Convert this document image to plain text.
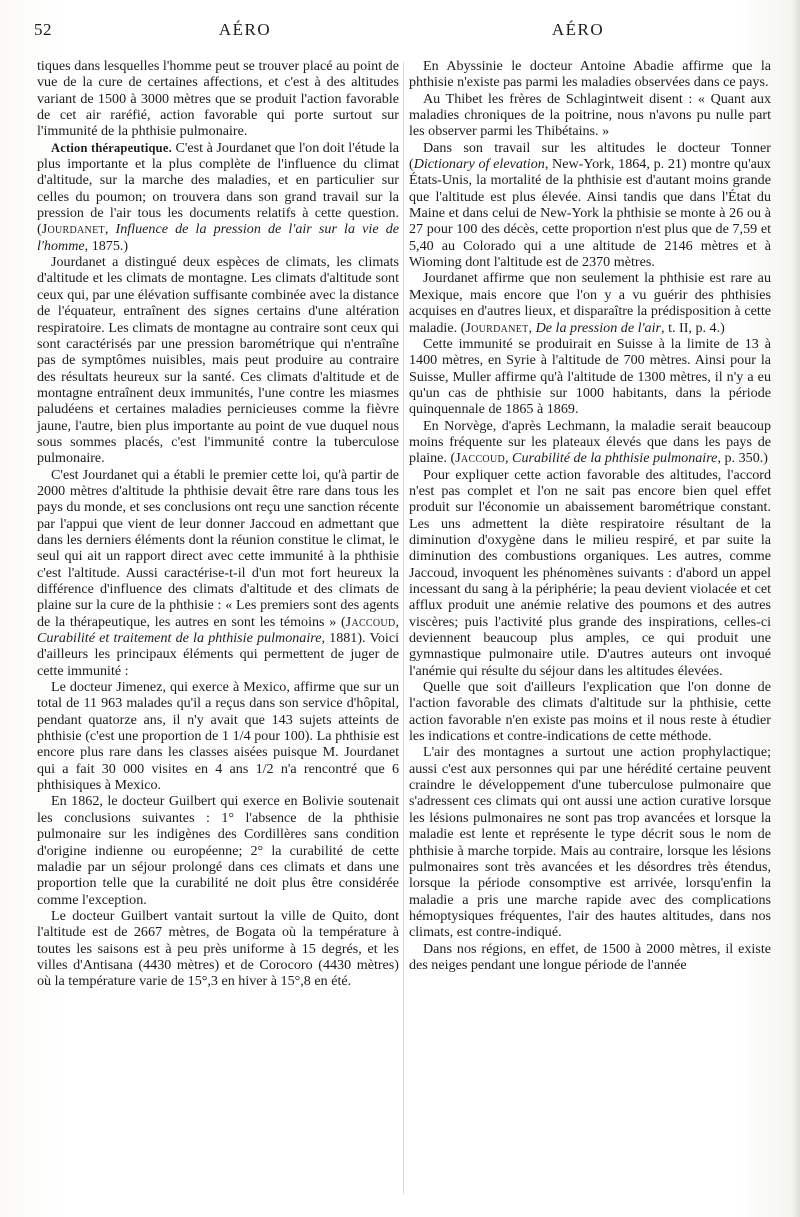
52	AÉRO	AÉRO

tiques dans lesquelles l'homme peut se trouver placé au point de vue de la cure de certaines affections, et c'est à des altitudes variant de 1500 à 3000 mètres que se produit l'action favorable de cet air raréfié, action favorable qui porte surtout sur l'immunité de la phthisie pulmonaire.

Action thérapeutique. C'est à Jourdanet que l'on doit l'étude la plus importante et la plus complète de l'influence du climat d'altitude, sur la marche des maladies, et en particulier sur celles du poumon; on trouvera dans son grand travail sur la pression de l'air tous les documents relatifs à cette question. (Jourdanet, Influence de la pression de l'air sur la vie de l'homme, 1875.)

Jourdanet a distingué deux espèces de climats, les climats d'altitude et les climats de montagne. Les climats d'altitude sont ceux qui, par une élévation suffisante combinée avec la distance de l'équateur, entraînent des signes certains d'une altération respiratoire. Les climats de montagne au contraire sont ceux qui sont caractérisés par une pression barométrique qui n'entraîne pas de symptômes nuisibles, mais peut produire au contraire des résultats heureux sur la santé. Ces climats d'altitude et de montagne entraînent deux immunités, l'une contre les miasmes paludéens et certaines maladies pernicieuses comme la fièvre jaune, l'autre, bien plus importante au point de vue duquel nous sous sommes placés, c'est l'immunité contre la tuberculose pulmonaire.

C'est Jourdanet qui a établi le premier cette loi, qu'à partir de 2000 mètres d'altitude la phthisie devait être rare dans tous les pays du monde, et ses conclusions ont reçu une sanction récente par l'appui que vient de leur donner Jaccoud en admettant que dans les derniers éléments dont la réunion constitue le climat, le seul qui ait un rapport direct avec cette immunité à la phthisie c'est l'altitude. Aussi caractérise-t-il d'un mot fort heureux la différence d'influence des climats d'altitude et des climats de plaine sur la cure de la phthisie : « Les premiers sont des agents de la thérapeutique, les autres en sont les témoins » (Jaccoud, Curabilité et traitement de la phthisie pulmonaire, 1881). Voici d'ailleurs les principaux éléments qui permettent de juger de cette immunité :

Le docteur Jimenez, qui exerce à Mexico, affirme que sur un total de 11 963 malades qu'il a reçus dans son service d'hôpital, pendant quatorze ans, il n'y avait que 143 sujets atteints de phthisie (c'est une proportion de 1 1/4 pour 100). La phthisie est encore plus rare dans les classes aisées puisque M. Jourdanet qui a fait 30 000 visites en 4 ans 1/2 n'a rencontré que 6 phthisiques à Mexico.

En 1862, le docteur Guilbert qui exerce en Bolivie soutenait les conclusions suivantes : 1° l'absence de la phthisie pulmonaire sur les indigènes des Cordillères sans condition d'origine indienne ou européenne; 2° la curabilité de cette maladie par un séjour prolongé dans ces climats et dans une proportion telle que la curabilité ne doit plus être considérée comme l'exception.

Le docteur Guilbert vantait surtout la ville de Quito, dont l'altitude est de 2667 mètres, de Bogata où la température à toutes les saisons est à peu près uniforme à 15 degrés, et les villes d'Antisana (4430 mètres) et de Corocoro (4430 mètres) où la température varie de 15°,3 en hiver à 15°,8 en été.

En Abyssinie le docteur Antoine Abadie affirme que la phthisie n'existe pas parmi les maladies observées dans ce pays.

Au Thibet les frères de Schlagintweit disent : « Quant aux maladies chroniques de la poitrine, nous n'avons pu nulle part les observer parmi les Thibétains. »

Dans son travail sur les altitudes le docteur Tonner (Dictionary of elevation, New-York, 1864, p. 21) montre qu'aux États-Unis, la mortalité de la phthisie est d'autant moins grande que l'altitude est plus élevée. Ainsi tandis que dans l'État du Maine et dans celui de New-York la phthisie se monte à 26 ou à 27 pour 100 des décès, cette proportion n'est plus que de 7,59 et 5,40 au Colorado qui a une altitude de 2146 mètres et à Wioming dont l'altitude est de 2370 mètres.

Jourdanet affirme que non seulement la phthisie est rare au Mexique, mais encore que l'on y a vu guérir des phthisies acquises en d'autres lieux, et disparaître la prédisposition à cette maladie. (Jourdanet, De la pression de l'air, t. II, p. 4.)

Cette immunité se produirait en Suisse à la limite de 13 à 1400 mètres, en Syrie à l'altitude de 700 mètres. Ainsi pour la Suisse, Muller affirme qu'à l'altitude de 1300 mètres, il n'y a eu qu'un cas de phthisie sur 1000 habitants, dans la période quinquennale de 1865 à 1869.

En Norvège, d'après Lechmann, la maladie serait beaucoup moins fréquente sur les plateaux élevés que dans les pays de plaine. (Jaccoud, Curabilité de la phthisie pulmonaire, p. 350.)

Pour expliquer cette action favorable des altitudes, l'accord n'est pas complet et l'on ne sait pas encore bien quel effet produit sur l'économie un abaissement barométrique constant. Les uns admettent la diète respiratoire résultant de la diminution d'oxygène dans le milieu respiré, et par suite la diminution des combustions organiques. Les autres, comme Jaccoud, invoquent les phénomènes suivants : d'abord un appel incessant du sang à la périphérie; la peau devient violacée et cet afflux produit une anémie relative des poumons et des autres viscères; puis l'activité plus grande des inspirations, celles-ci deviennent beaucoup plus amples, ce qui produit une gymnastique pulmonaire utile. D'autres auteurs ont invoqué l'anémie qui résulte du séjour dans les altitudes élevées.

Quelle que soit d'ailleurs l'explication que l'on donne de l'action favorable des climats d'altitude sur la phthisie, cette action favorable n'en existe pas moins et il nous reste à étudier les indications et contre-indications de cette méthode.

L'air des montagnes a surtout une action prophylactique; aussi c'est aux personnes qui par une hérédité certaine peuvent craindre le développement d'une tuberculose pulmonaire que s'adressent ces climats qui ont aussi une action curative lorsque les lésions pulmonaires ne sont pas trop avancées et lorsque la maladie est lente et représente le type décrit sous le nom de phthisie à marche torpide. Mais au contraire, lorsque les lésions pulmonaires sont très avancées et les désordres très étendus, lorsque la période consomptive est arrivée, lorsqu'enfin la maladie a pris une marche rapide avec des complications hémoptysiques fréquentes, l'air des hautes altitudes, dans nos climats, est contre-indiqué.

Dans nos régions, en effet, de 1500 à 2000 mètres, il existe des neiges pendant une longue période de l'année
